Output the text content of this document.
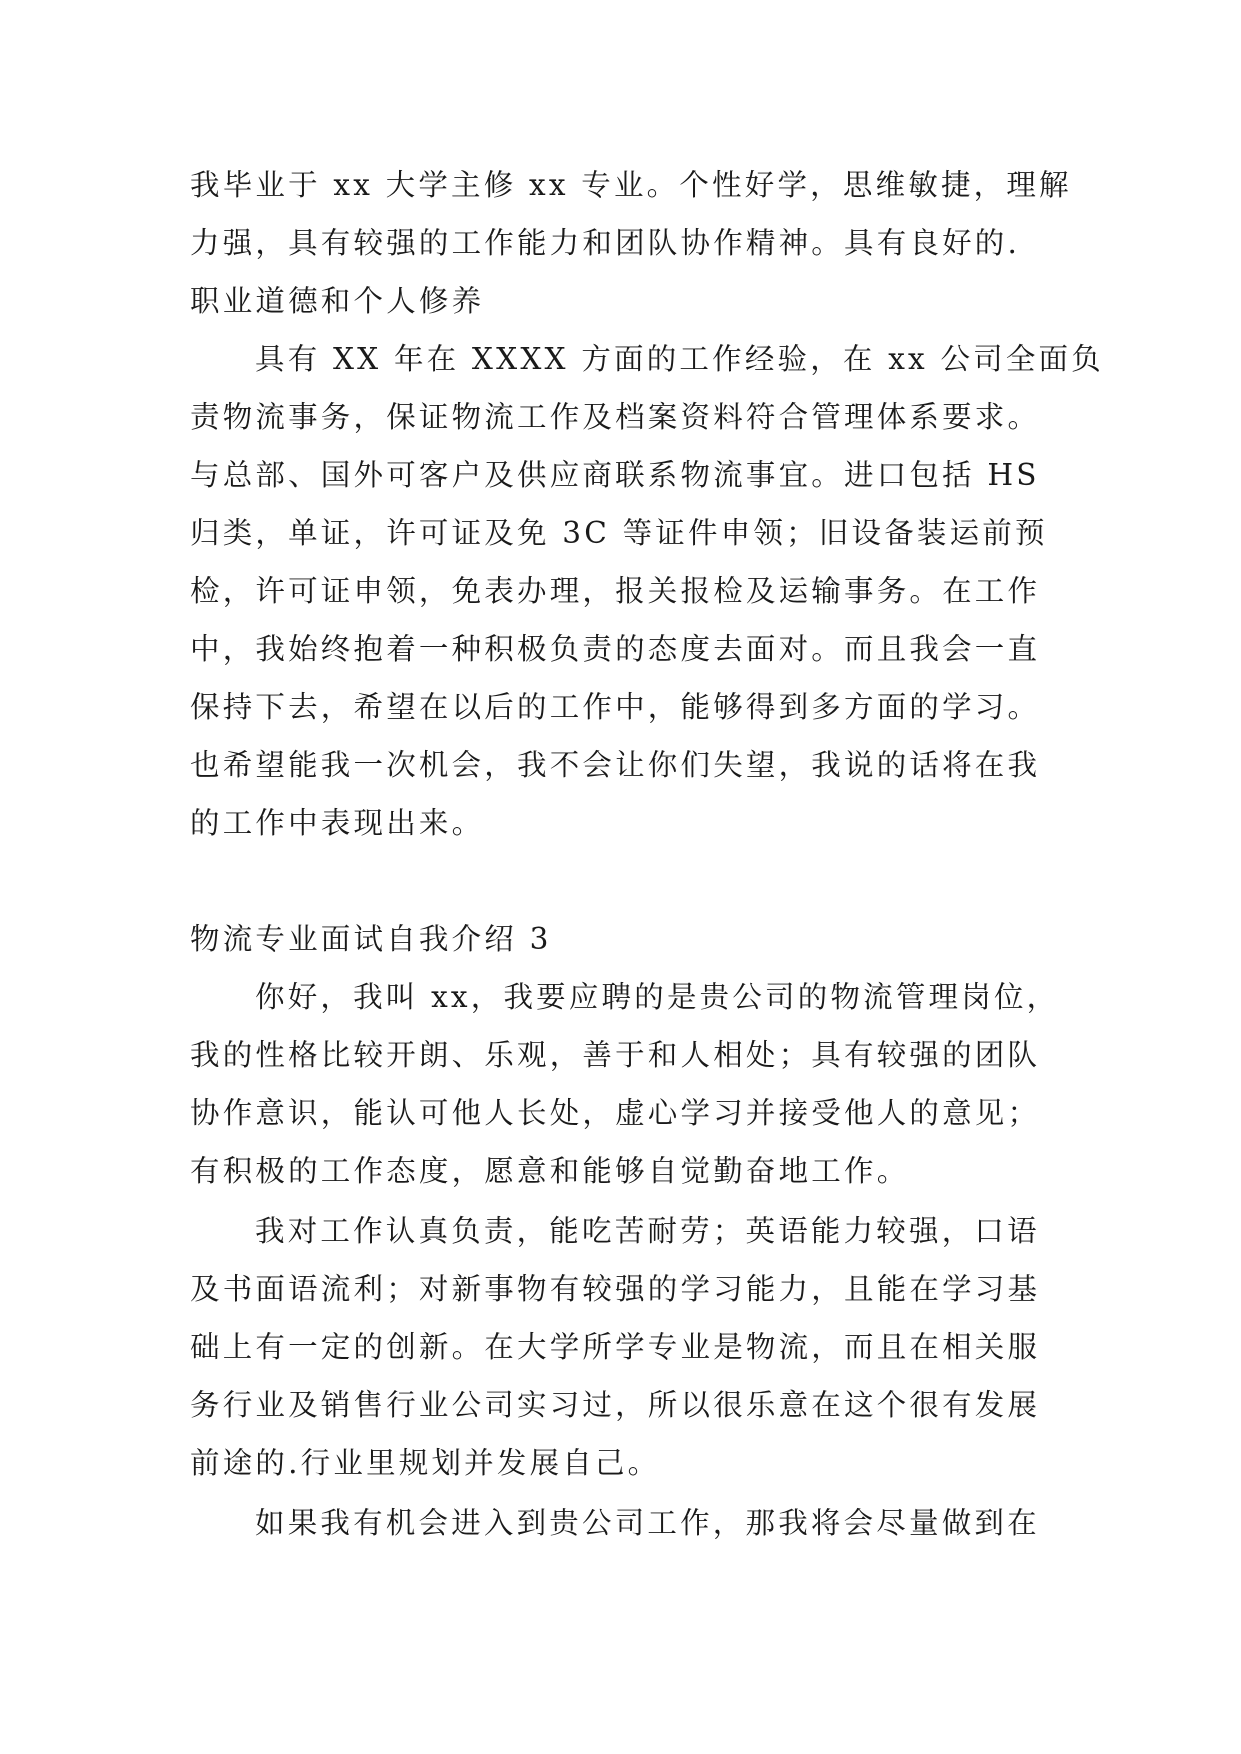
我毕业于 xx 大学主修 xx 专业。个性好学，思维敏捷，理解
力强，具有较强的工作能力和团队协作精神。具有良好的.
职业道德和个人修养
具有 XX 年在 XXXX 方面的工作经验，在 xx 公司全面负
责物流事务，保证物流工作及档案资料符合管理体系要求。
与总部、国外可客户及供应商联系物流事宜。进口包括 HS
归类，单证，许可证及免 3C 等证件申领；旧设备装运前预
检，许可证申领，免表办理，报关报检及运输事务。在工作
中，我始终抱着一种积极负责的态度去面对。而且我会一直
保持下去，希望在以后的工作中，能够得到多方面的学习。
也希望能我一次机会，我不会让你们失望，我说的话将在我
的工作中表现出来。
物流专业面试自我介绍 3
你好，我叫 xx，我要应聘的是贵公司的物流管理岗位，
我的性格比较开朗、乐观，善于和人相处；具有较强的团队
协作意识，能认可他人长处，虚心学习并接受他人的意见；
有积极的工作态度，愿意和能够自觉勤奋地工作。
我对工作认真负责，能吃苦耐劳；英语能力较强，口语
及书面语流利；对新事物有较强的学习能力，且能在学习基
础上有一定的创新。在大学所学专业是物流，而且在相关服
务行业及销售行业公司实习过，所以很乐意在这个很有发展
前途的.行业里规划并发展自己。
如果我有机会进入到贵公司工作，那我将会尽量做到在
